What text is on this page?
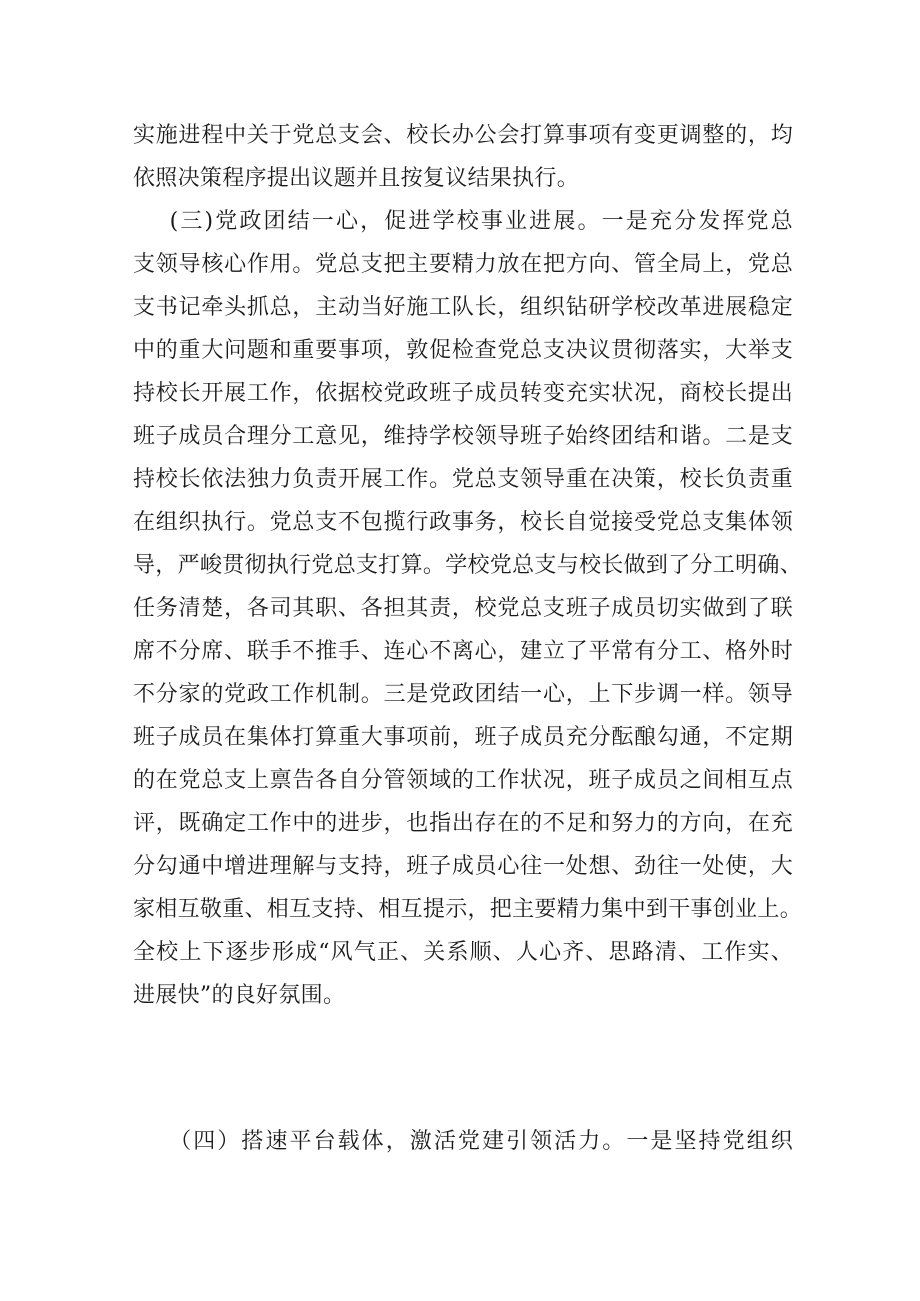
实施进程中关于党总支会、校长办公会打算事项有变更调整的，均
依照决策程序提出议题并且按复议结果执行。
(三)党政团结一心，促进学校事业进展。一是充分发挥党总
支领导核心作用。党总支把主要精力放在把方向、管全局上，党总
支书记牵头抓总，主动当好施工队长，组织钻研学校改革进展稳定
中的重大问题和重要事项，敦促检查党总支决议贯彻落实，大举支
持校长开展工作，依据校党政班子成员转变充实状况，商校长提出
班子成员合理分工意见，维持学校领导班子始终团结和谐。二是支
持校长依法独力负责开展工作。党总支领导重在决策，校长负责重
在组织执行。党总支不包揽行政事务，校长自觉接受党总支集体领
导，严峻贯彻执行党总支打算。学校党总支与校长做到了分工明确、
任务清楚，各司其职、各担其责，校党总支班子成员切实做到了联
席不分席、联手不推手、连心不离心，建立了平常有分工、格外时
不分家的党政工作机制。三是党政团结一心，上下步调一样。领导
班子成员在集体打算重大事项前，班子成员充分酝酿勾通，不定期
的在党总支上禀告各自分管领域的工作状况，班子成员之间相互点
评，既确定工作中的进步，也指出存在的不足和努力的方向，在充
分勾通中增进理解与支持，班子成员心往一处想、劲往一处使，大
家相互敬重、相互支持、相互提示，把主要精力集中到干事创业上。
全校上下逐步形成“风气正、关系顺、人心齐、思路清、工作实、
进展快”的良好氛围。
（四）搭速平台载体，激活党建引领活力。一是坚持党组织
